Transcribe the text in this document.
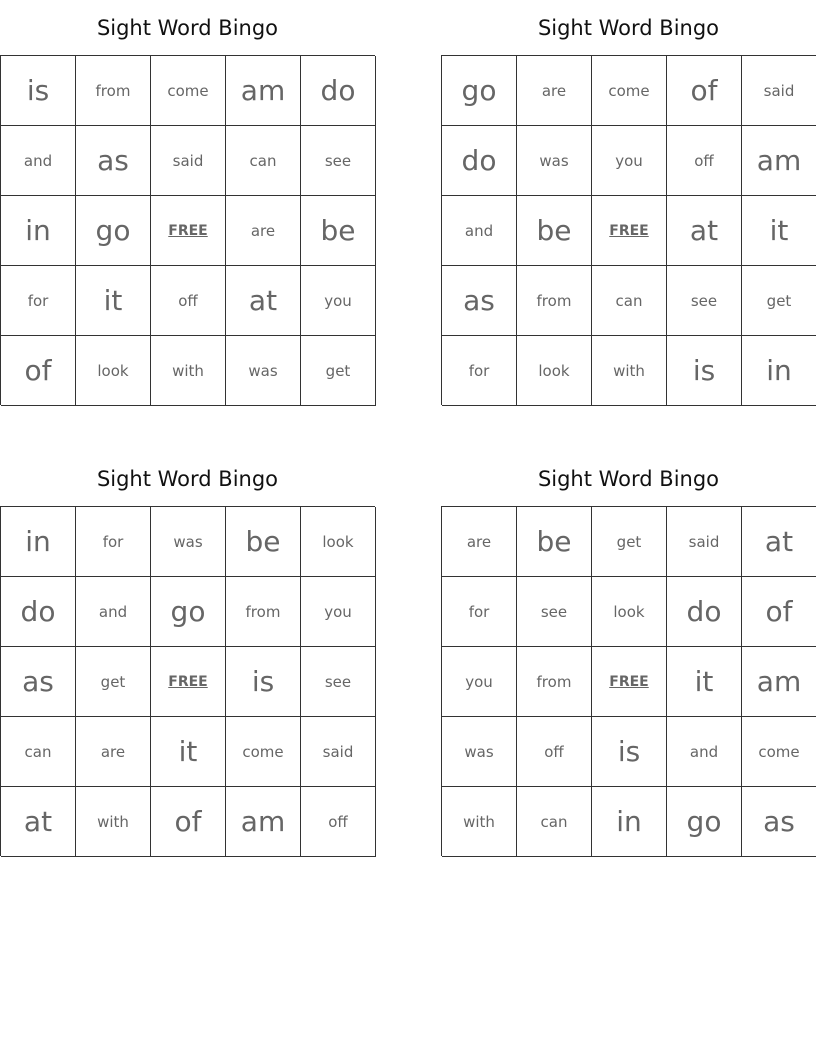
Sight Word Bingo
is	from	come	am	do
and	as	said	can	see
in	go	FREE	are	be
for	it	off	at	you
of	look	with	was	get
Sight Word Bingo
go	are	come	of	said
do	was	you	off	am
and	be	FREE	at	it
as	from	can	see	get
for	look	with	is	in
Sight Word Bingo
in	for	was	be	look
do	and	go	from	you
as	get	FREE	is	see
can	are	it	come	said
at	with	of	am	off
Sight Word Bingo
are	be	get	said	at
for	see	look	do	of
you	from	FREE	it	am
was	off	is	and	come
with	can	in	go	as
